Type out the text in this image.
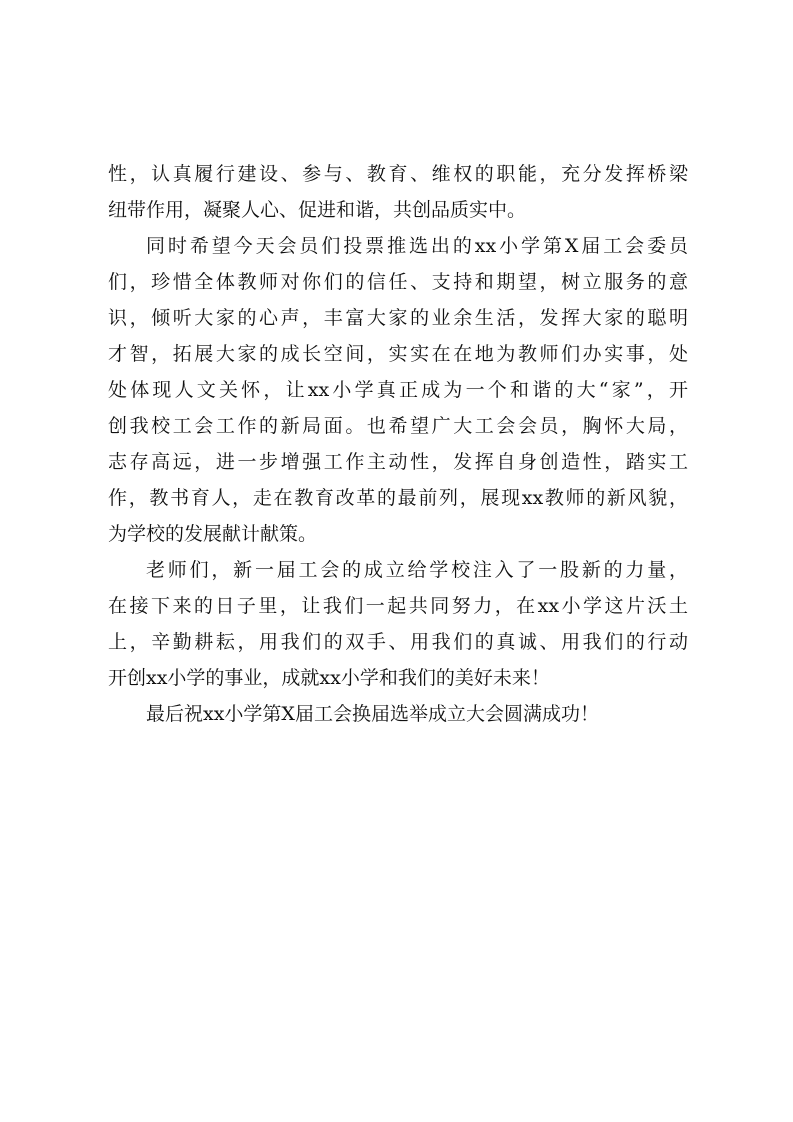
性，认真履行建设、参与、教育、维权的职能，充分发挥桥梁
纽带作用，凝聚人心、促进和谐，共创品质实中。
同时希望今天会员们投票推选出的xx小学第X届工会委员
们，珍惜全体教师对你们的信任、支持和期望，树立服务的意
识，倾听大家的心声，丰富大家的业余生活，发挥大家的聪明
才智，拓展大家的成长空间，实实在在地为教师们办实事，处
处体现人文关怀，让xx小学真正成为一个和谐的大“家”，开
创我校工会工作的新局面。也希望广大工会会员，胸怀大局，
志存高远，进一步增强工作主动性，发挥自身创造性，踏实工
作，教书育人，走在教育改革的最前列，展现xx教师的新风貌，
为学校的发展献计献策。
老师们，新一届工会的成立给学校注入了一股新的力量，
在接下来的日子里，让我们一起共同努力，在xx小学这片沃土
上，辛勤耕耘，用我们的双手、用我们的真诚、用我们的行动
开创xx小学的事业，成就xx小学和我们的美好未来！
最后祝xx小学第X届工会换届选举成立大会圆满成功！
